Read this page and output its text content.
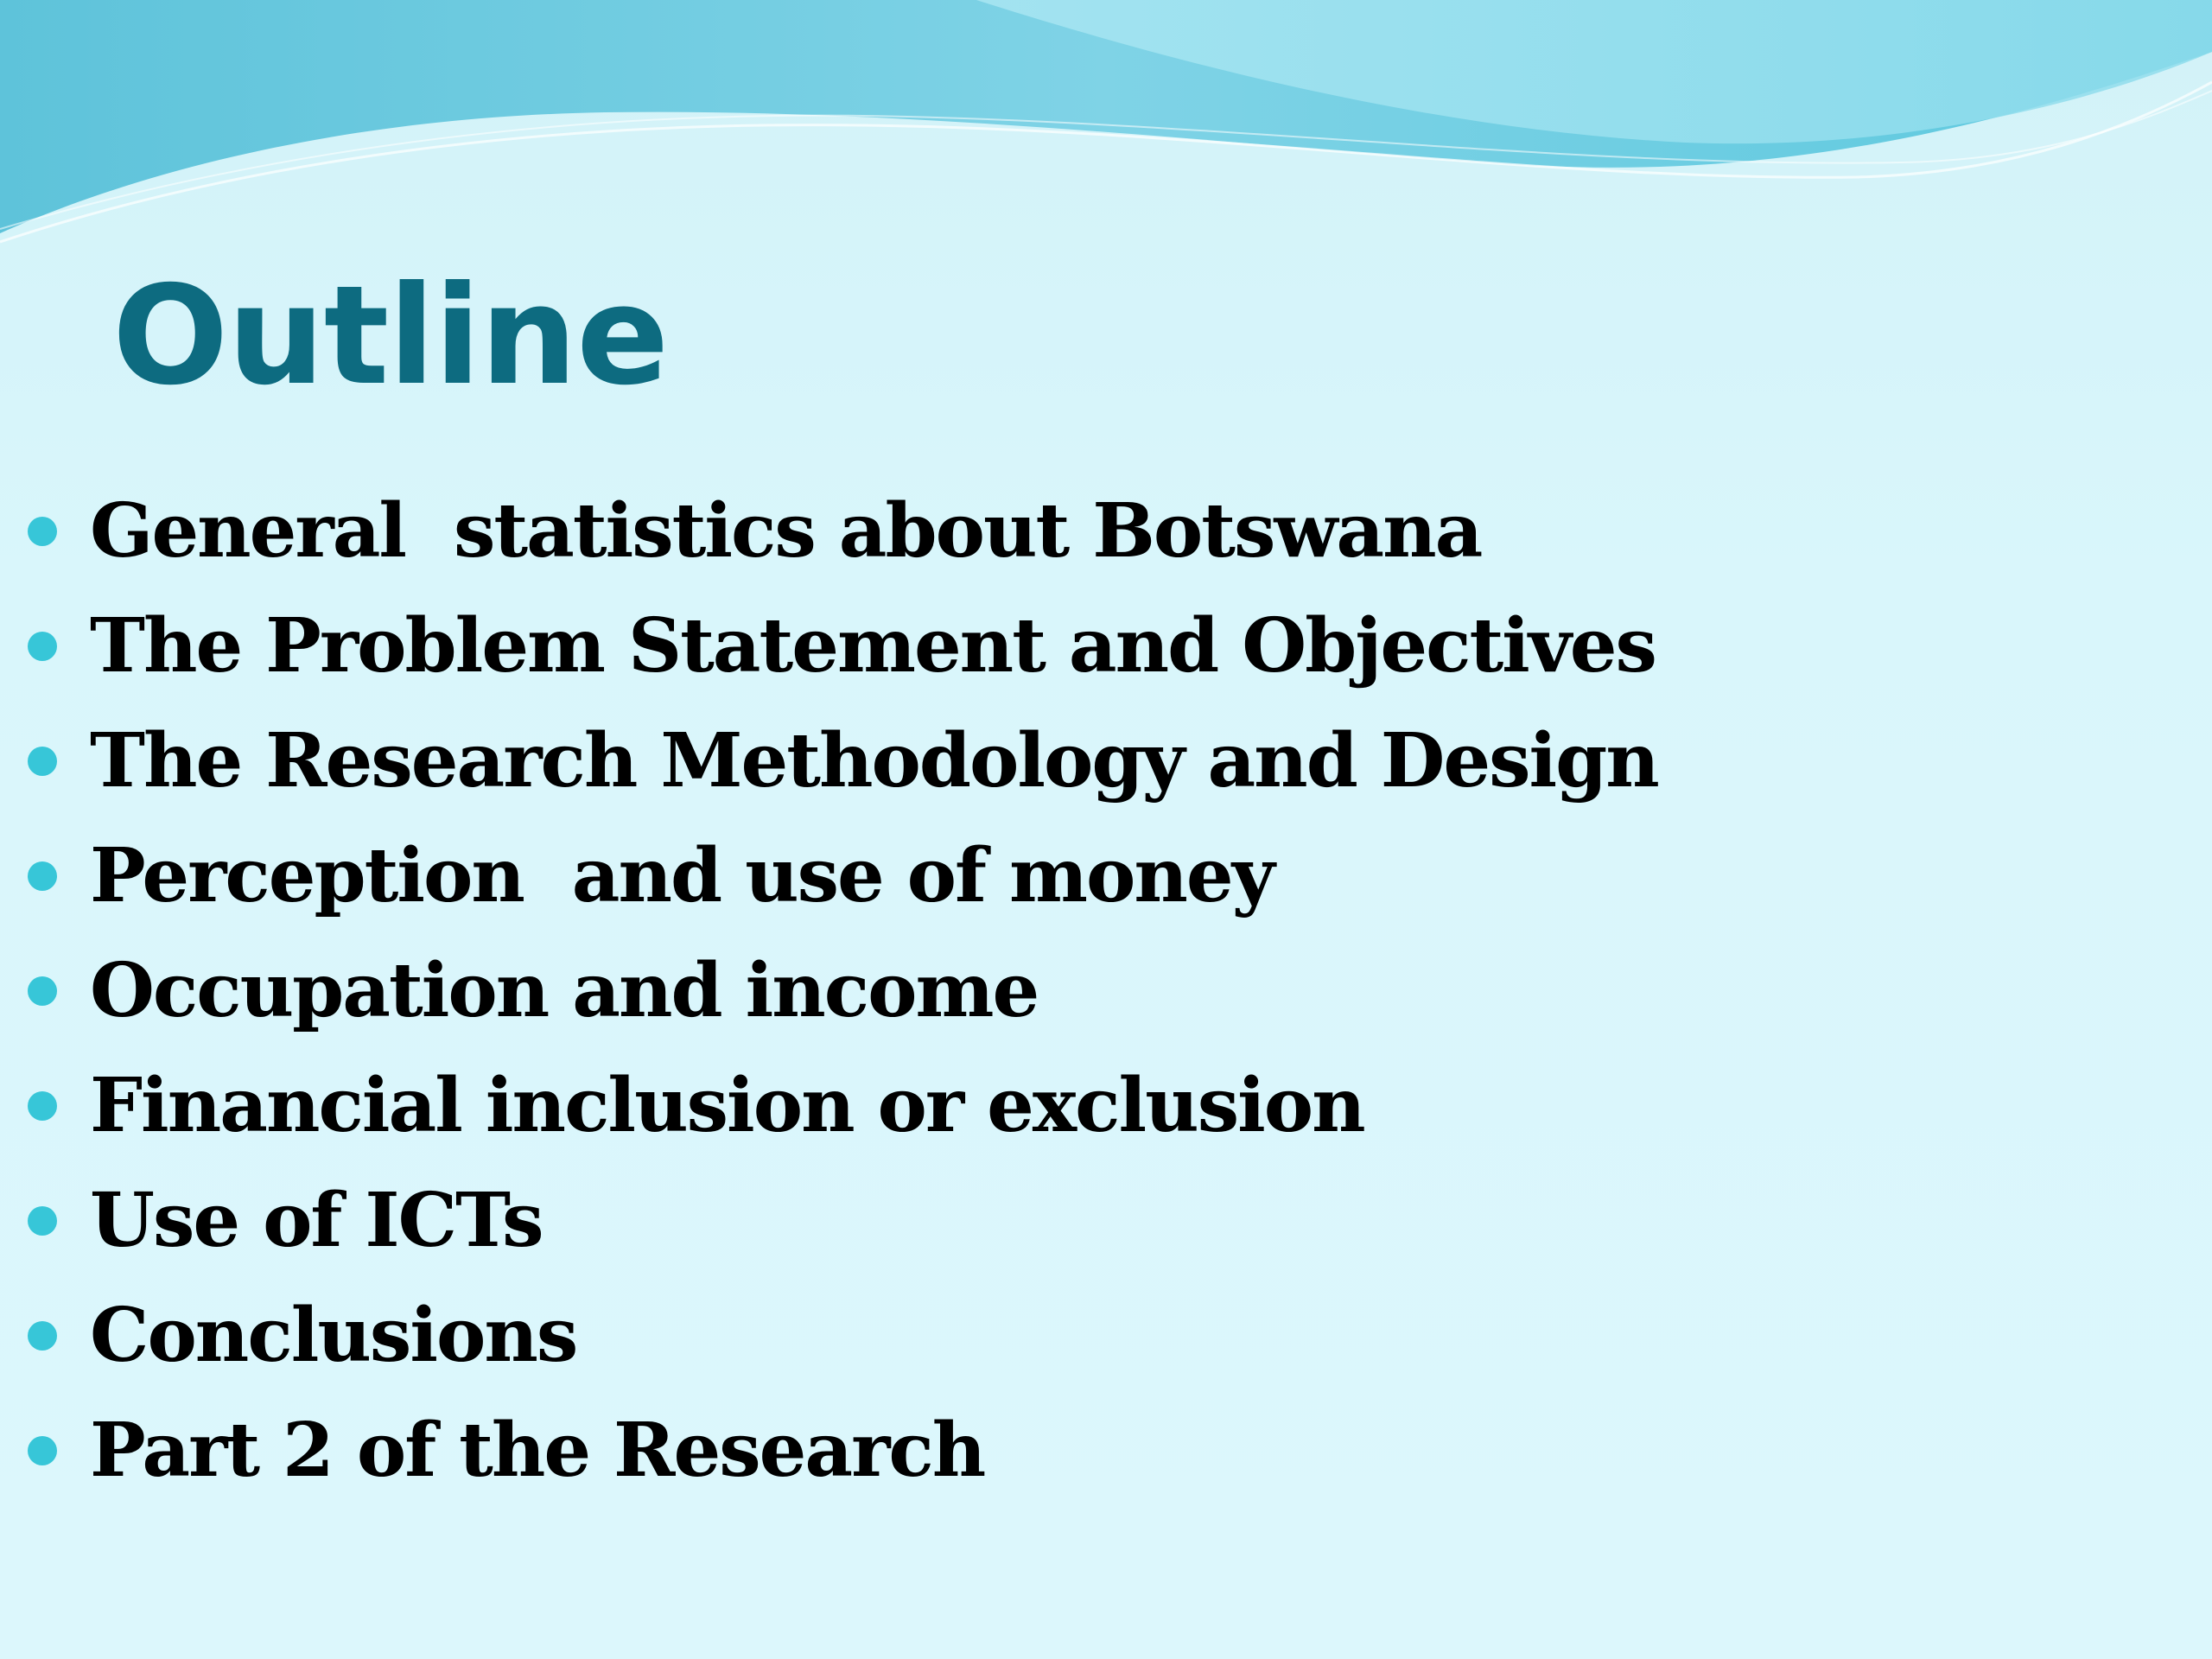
Outline
General  statistics about Botswana
The Problem Statement and Objectives
The Research Methodology and Design
Perception  and use of money
Occupation and income
Financial inclusion or exclusion
Use of ICTs
Conclusions
Part 2 of the Research
